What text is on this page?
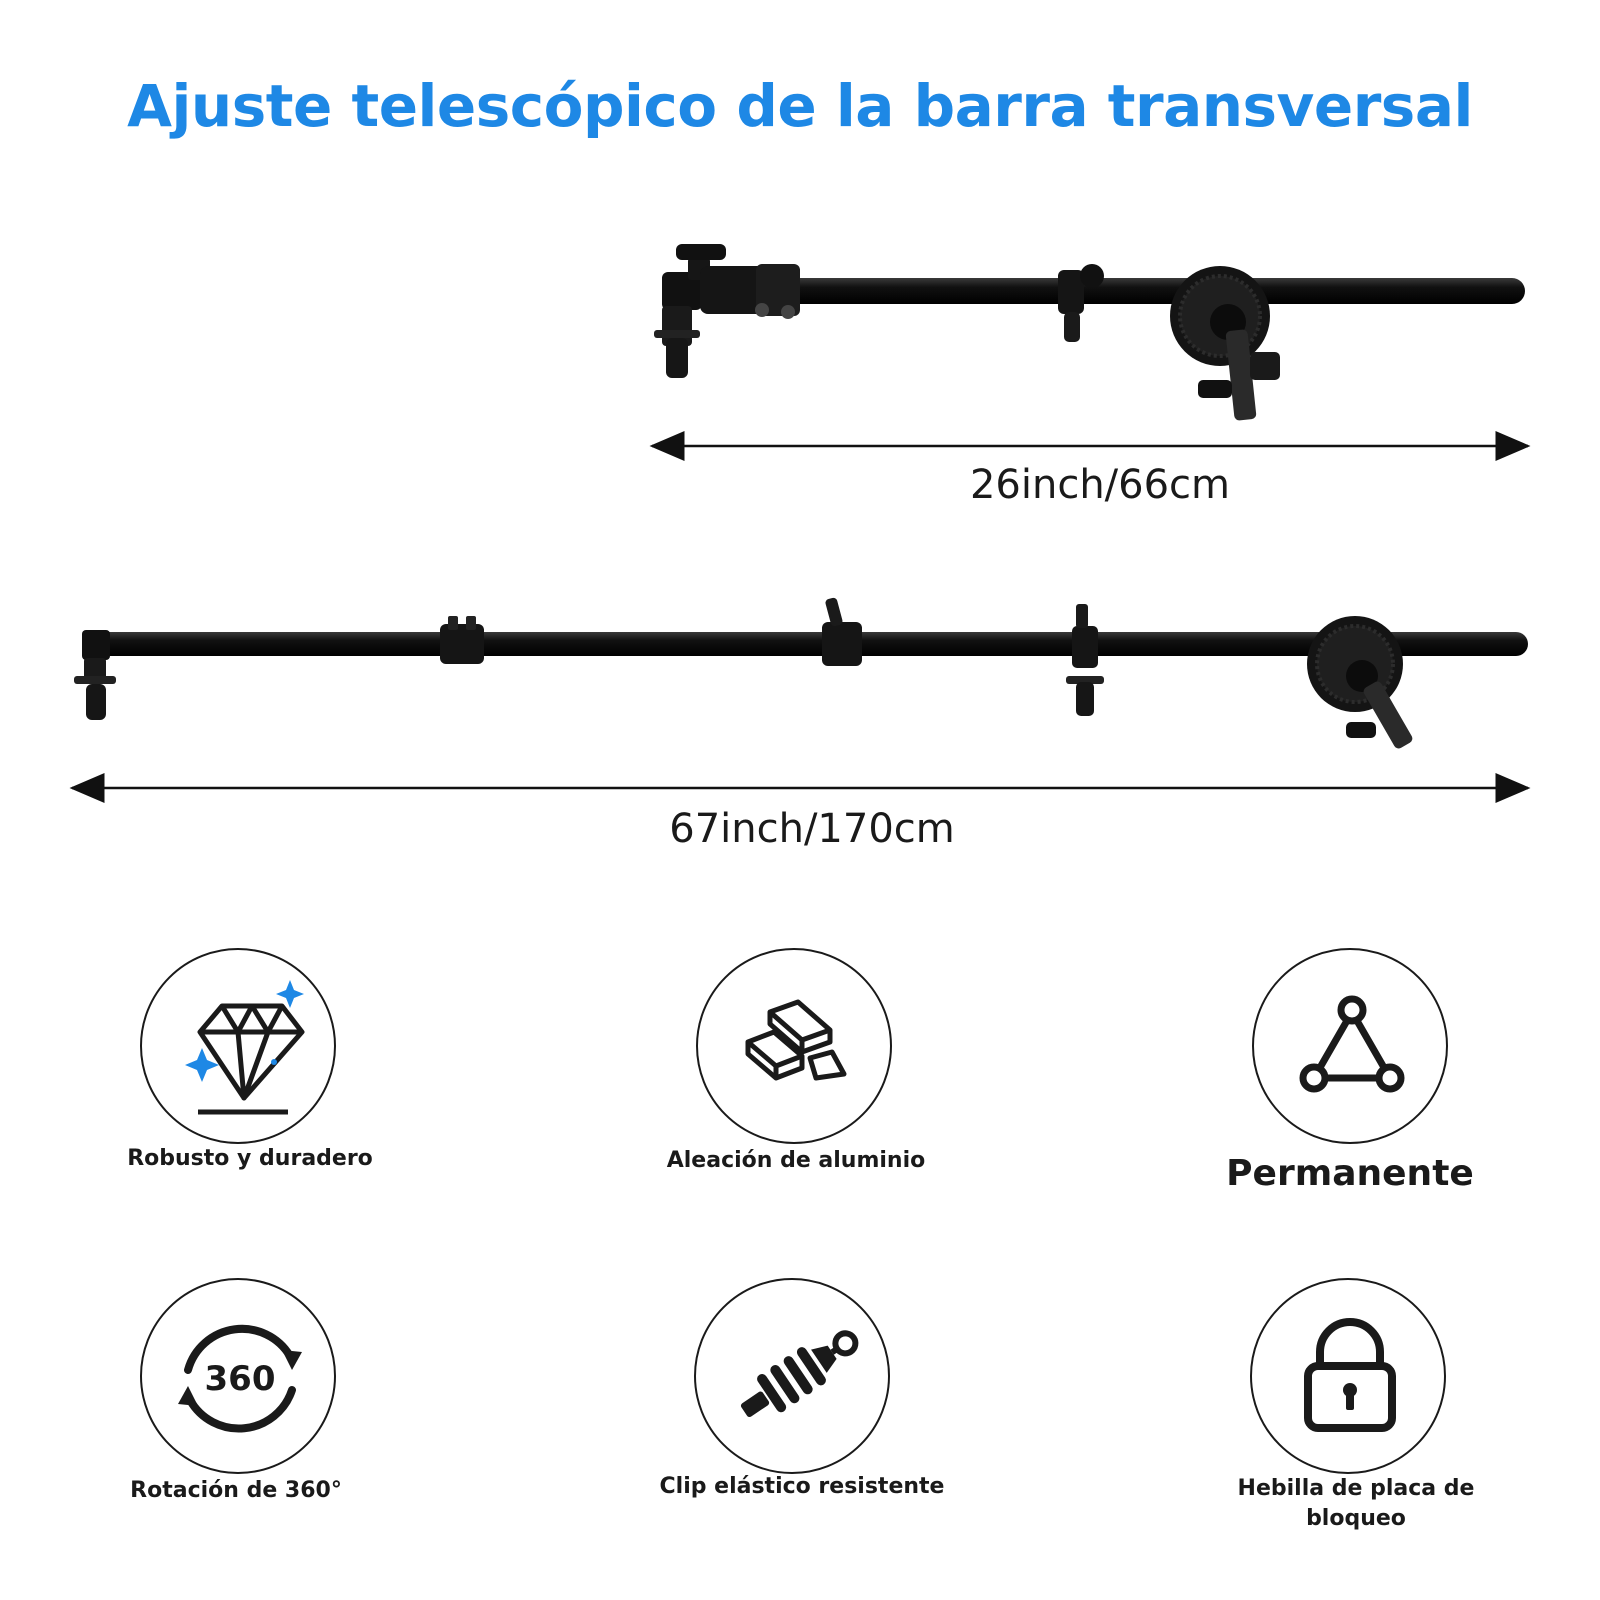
Ajuste telescópico de la barra transversal
26inch/66cm
67inch/170cm
Robusto y duradero	Aleación de aluminio	Permanente
360
Rotación de 360°	Clip elástico resistente	Hebilla de placa de bloqueo
